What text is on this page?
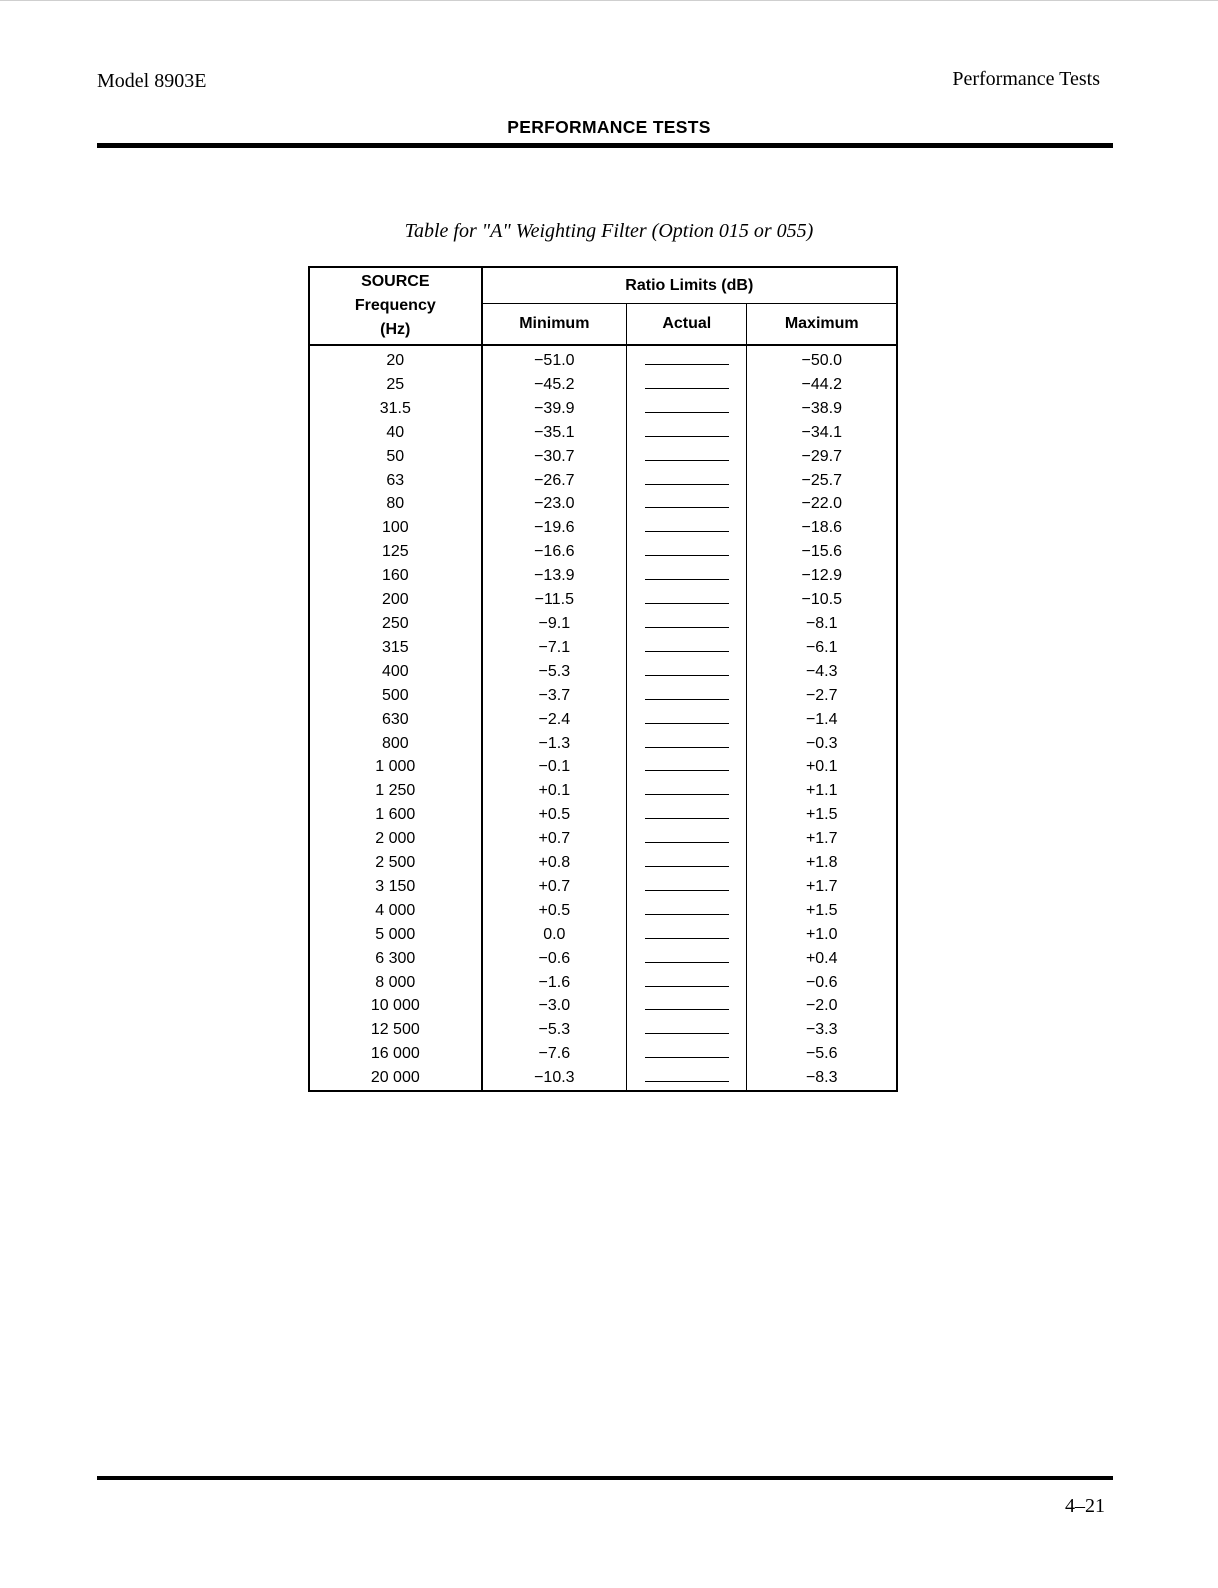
Model 8903E	Performance Tests
PERFORMANCE TESTS
Table for "A" Weighting Filter (Option 015 or 055)
SOURCE
Frequency
(Hz)	Ratio Limits (dB)		
	Minimum	Actual	Maximum
20	−51.0		−50.0
25	−45.2		−44.2
31.5	−39.9		−38.9
40	−35.1		−34.1
50	−30.7		−29.7
63	−26.7		−25.7
80	−23.0		−22.0
100	−19.6		−18.6
125	−16.6		−15.6
160	−13.9		−12.9
200	−11.5		−10.5
250	−9.1		−8.1
315	−7.1		−6.1
400	−5.3		−4.3
500	−3.7		−2.7
630	−2.4		−1.4
800	−1.3		−0.3
1 000	−0.1		+0.1
1 250	+0.1		+1.1
1 600	+0.5		+1.5
2 000	+0.7		+1.7
2 500	+0.8		+1.8
3 150	+0.7		+1.7
4 000	+0.5		+1.5
5 000	0.0		+1.0
6 300	−0.6		+0.4
8 000	−1.6		−0.6
10 000	−3.0		−2.0
12 500	−5.3		−3.3
16 000	−7.6		−5.6
20 000	−10.3		−8.3
4–21
